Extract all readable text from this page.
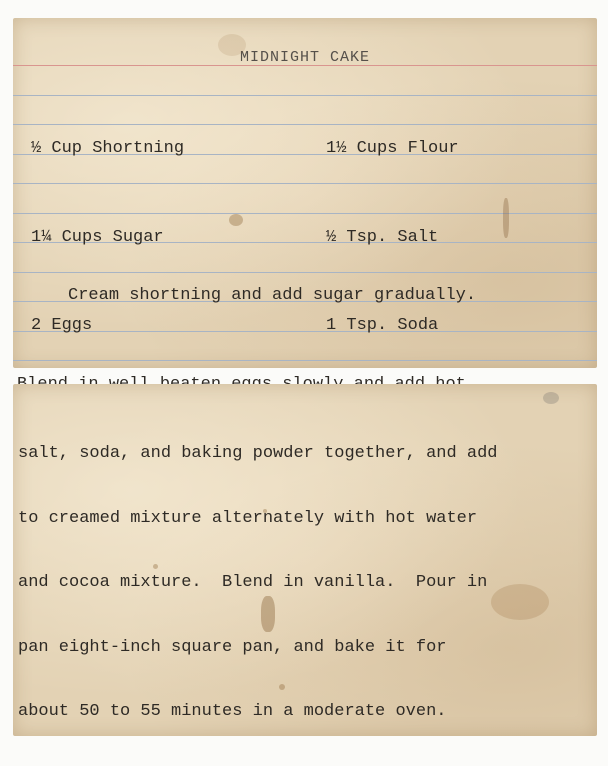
MIDNIGHT CAKE

½ Cup Shortning

1¼ Cups Sugar

2 Eggs

1½ Cups Flour

½ Tsp. Salt

1 Tsp. Soda

Cream shortning and add sugar gradually.

salt, soda, and baking powder together, and add

to creamed mixture alternately with hot water

and cocoa mixture.  Blend in vanilla.  Pour in

pan eight-inch square pan, and bake it for

about 50 to 55 minutes in a moderate oven.
